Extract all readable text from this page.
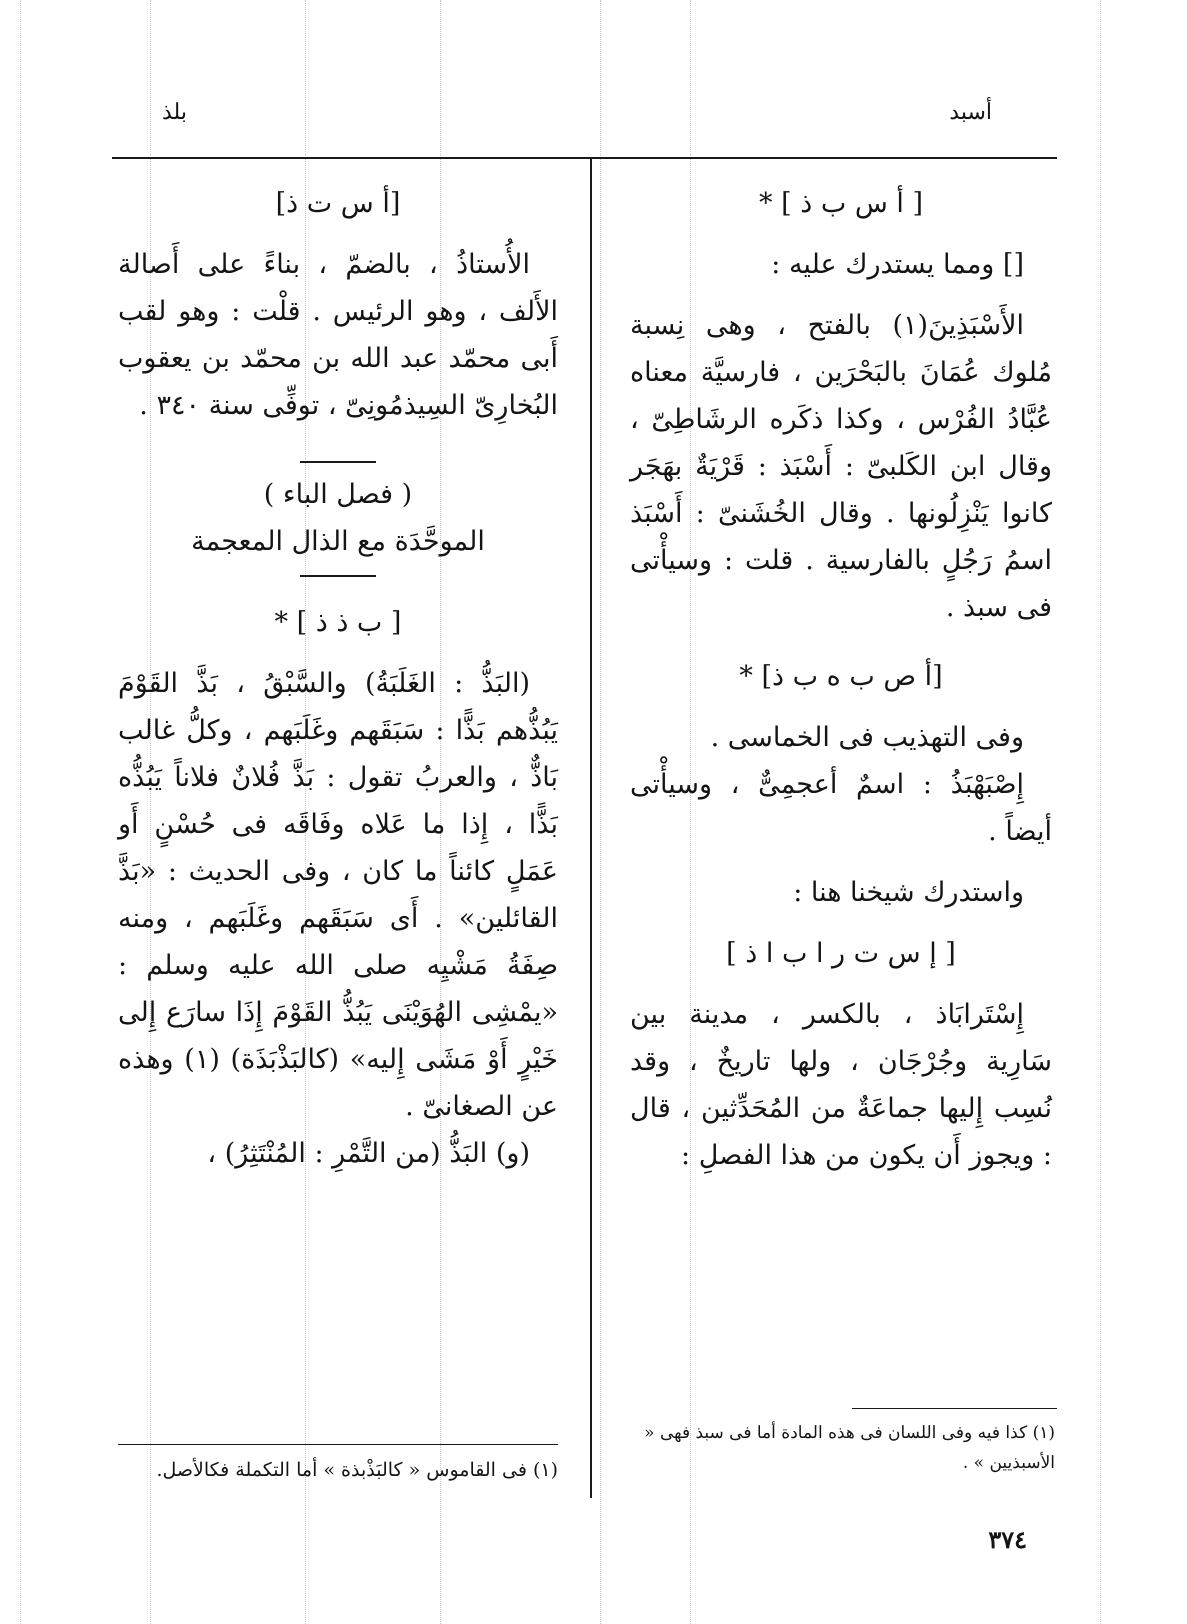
أسبد
بلذ

[ أ س ب ذ ] *

[] ومما يستدرك عليه :

الأَسْبَذِينَ(١) بالفتح ، وهى نِسبة مُلوك عُمَانَ بالبَحْرَين ، فارسيَّة معناه عُبَّادُ الفُرْس ، وكذا ذكَره الرشَاطِىّ ، وقال ابن الكَلبىّ : أَسْبَذ : قَرْيَةٌ بهَجَر كانوا يَنْزِلُونها . وقال الخُشَنىّ : أَسْبَذ اسمُ رَجُلٍ بالفارسية . قلت : وسيأْتى فى سبذ .

[أ ص ب ه ب ذ] *

وفى التهذيب فى الخماسى .

إِصْبَهْبَذُ : اسمٌ أعجمِىٌّ ، وسيأْتى أيضاً .

واستدرك شيخنا هنا :

[ إ س ت ر ا ب ا ذ ]

إِسْتَرابَاذ ، بالكسر ، مدينة بين سَارِية وجُرْجَان ، ولها تاريخٌ ، وقد نُسِب إِليها جماعَةٌ من المُحَدِّثين ، قال : ويجوز أَن يكون من هذا الفصلِ :

[أ س ت ذ]

الأُستاذُ ، بالضمّ ، بناءً على أَصالة الأَلف ، وهو الرئيس . قلْت : وهو لقب أَبى محمّد عبد الله بن محمّد بن يعقوب البُخارِىّ السِيذمُونِىّ ، توفِّى سنة ٣٤٠ .

( فصل الباء )

الموحَّدَة مع الذال المعجمة

[ ب ذ ذ ] *

(البَذُّ : الغَلَبَةُ) والسَّبْقُ ، بَذَّ القَوْمَ يَبُذُّهم بَذًّا : سَبَقَهم وغَلَبَهم ، وكلُّ غالب بَاذٌّ ، والعربُ تقول : بَذَّ فُلانٌ فلاناً يَبُذُّه بَذًّا ، إِذا ما عَلاه وفَاقَه فى حُسْنٍ أَو عَمَلٍ كائناً ما كان ، وفى الحديث : «بَذَّ القائلين» . أَى سَبَقَهم وغَلَبَهم ، ومنه صِفَةُ مَشْيِه صلى الله عليه وسلم : «يمْشِى الهُوَيْنَى يَبُذُّ القَوْمَ إِذَا سارَع إِلى خَيْرٍ أَوْ مَشَى إِليه» (كالبَذْبَذَة) (١) وهذه عن الصغانىّ .

(و) البَذُّ (من التَّمْرِ : المُنْتَثِرُ) ،

(١) كذا فيه وفى اللسان فى هذه المادة أما فى سبذ فهى « الأسبذيين » .
(١) فى القاموس « كالبَذْبذة » أما التكملة فكالأصل.
٣٧٤
